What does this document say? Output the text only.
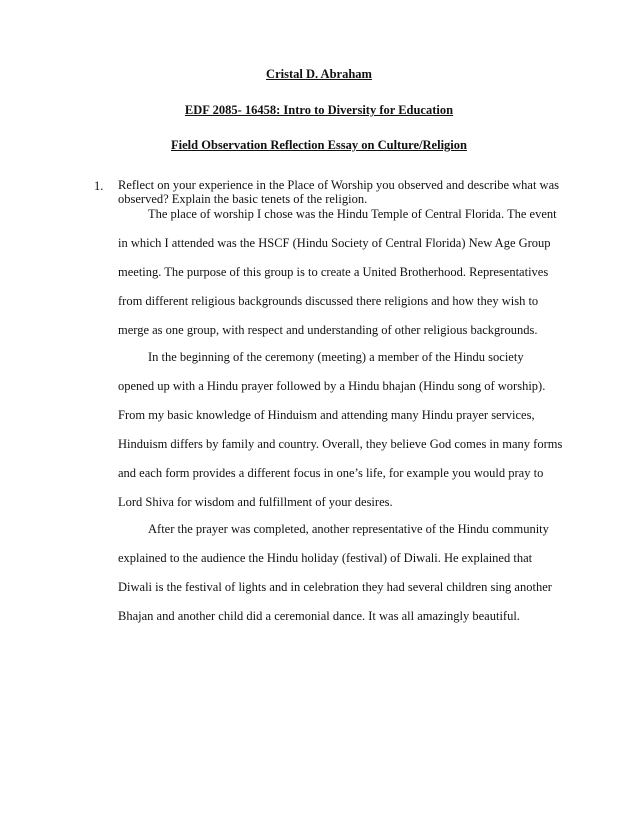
Cristal D. Abraham
EDF 2085- 16458: Intro to Diversity for Education
Field Observation Reflection Essay on Culture/Religion
1. Reflect on your experience in the Place of Worship you observed and describe what was
observed? Explain the basic tenets of the religion.
The place of worship I chose was the Hindu Temple of Central Florida. The event
in which I attended was the HSCF (Hindu Society of Central Florida) New Age Group
meeting. The purpose of this group is to create a United Brotherhood. Representatives
from different religious backgrounds discussed there religions and how they wish to
merge as one group, with respect and understanding of other religious backgrounds.
In the beginning of the ceremony (meeting) a member of the Hindu society
opened up with a Hindu prayer followed by a Hindu bhajan (Hindu song of worship).
From my basic knowledge of Hinduism and attending many Hindu prayer services,
Hinduism differs by family and country. Overall, they believe God comes in many forms
and each form provides a different focus in one’s life, for example you would pray to
Lord Shiva for wisdom and fulfillment of your desires.
After the prayer was completed, another representative of the Hindu community
explained to the audience the Hindu holiday (festival) of Diwali. He explained that
Diwali is the festival of lights and in celebration they had several children sing another
Bhajan and another child did a ceremonial dance. It was all amazingly beautiful.
